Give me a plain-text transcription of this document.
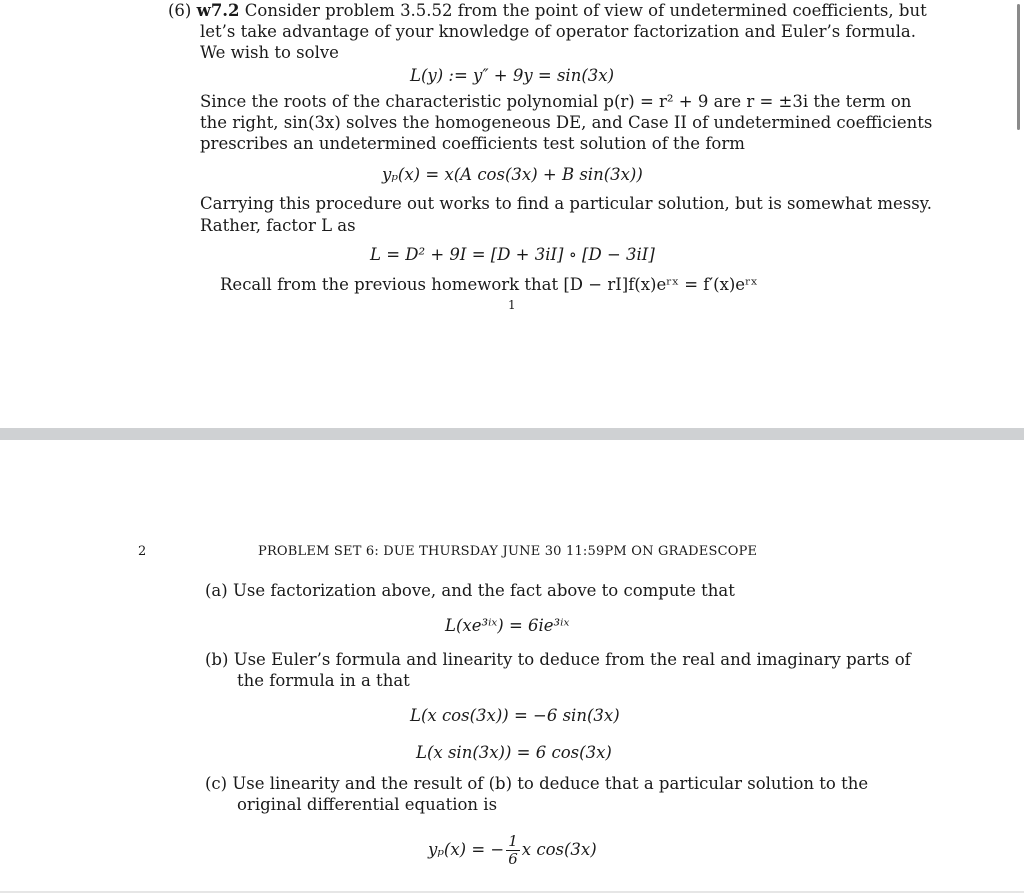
(6) w7.2 Consider problem 3.5.52 from the point of view of undetermined coefficients, but
let’s take advantage of your knowledge of operator factorization and Euler’s formula.
We wish to solve
L(y) := y″ + 9y = sin(3x)
Since the roots of the characteristic polynomial p(r) = r² + 9 are r = ±3i the term on
the right, sin(3x) solves the homogeneous DE, and Case II of undetermined coefficients
prescribes an undetermined coefficients test solution of the form
yₚ(x) = x(A cos(3x) + B sin(3x))
Carrying this procedure out works to find a particular solution, but is somewhat messy.
Rather, factor L as
L = D² + 9I = [D + 3iI] ∘ [D − 3iI]
Recall from the previous homework that [D − rI]f(x)eʳˣ = f′(x)eʳˣ
1
2	PROBLEM SET 6: DUE THURSDAY JUNE 30 11:59PM ON GRADESCOPE
(a) Use factorization above, and the fact above to compute that
L(xe³ⁱˣ) = 6ie³ⁱˣ
(b) Use Euler’s formula and linearity to deduce from the real and imaginary parts of
the formula in a that
L(x cos(3x)) = −6 sin(3x)
L(x sin(3x)) = 6 cos(3x)
(c) Use linearity and the result of (b) to deduce that a particular solution to the
original differential equation is
yₚ(x) = − $\frac{1}{6}$ x cos(3x)
